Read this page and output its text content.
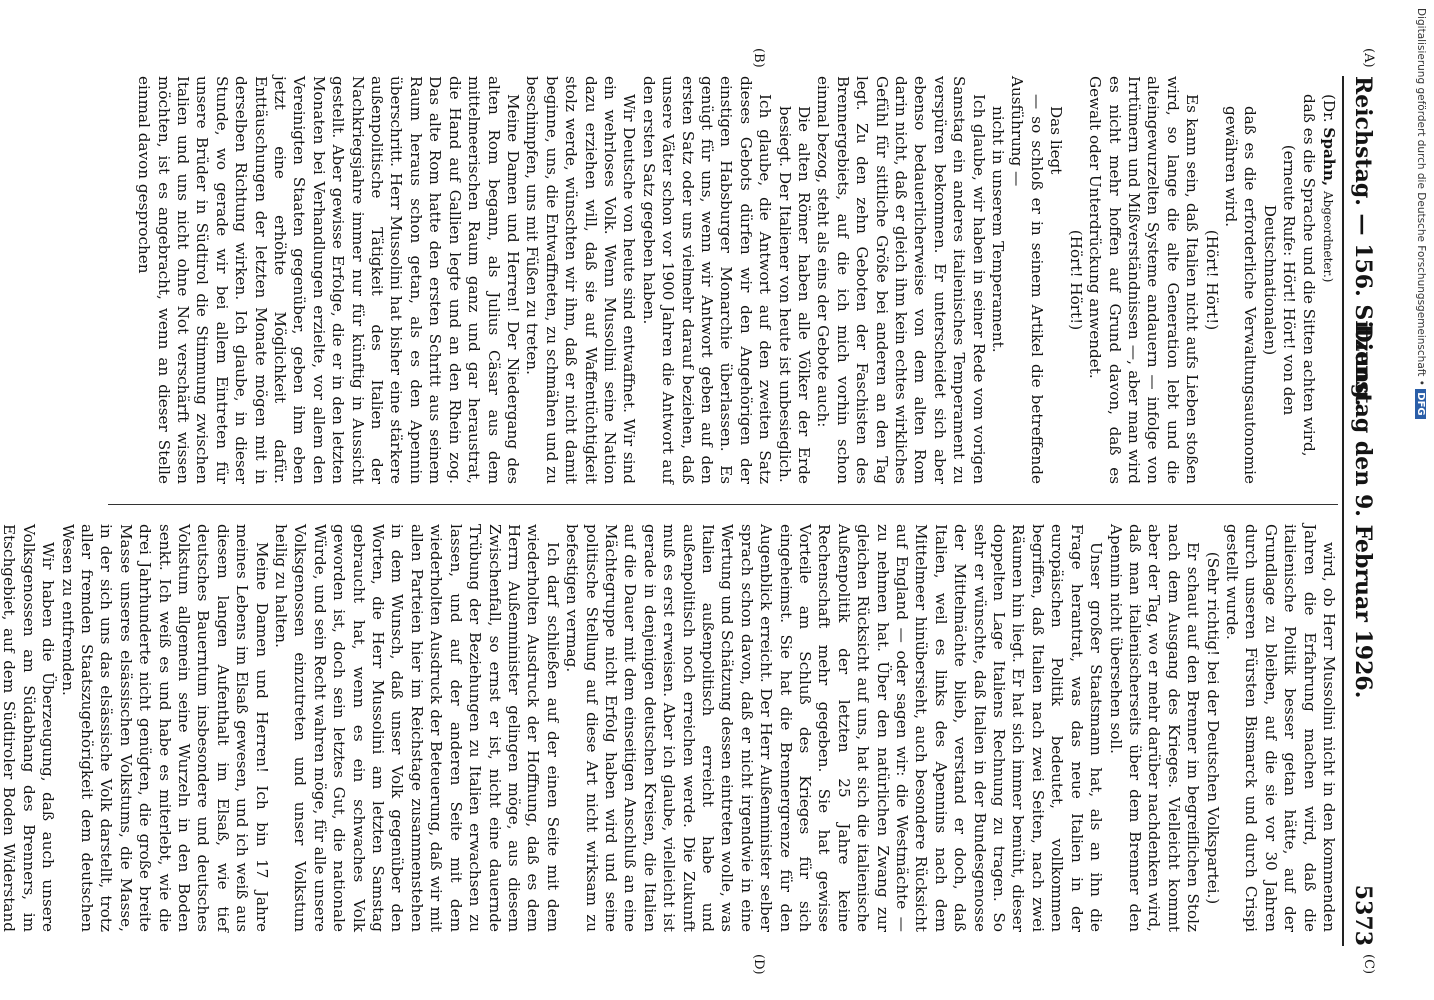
Reichstag. — 156. Sitzung.
Dienstag den 9. Februar 1926.
5373
(A)
(B)
(C)
(D)

(Dr. Spahn, Abgeordneter.)

daß es die Sprache und die Sitten achten wird,

(erneute Rufe: Hört! Hört! von den Deutschnationalen)

daß es die erforderliche Verwaltungsautonomie gewähren wird.

(Hört! Hört!)

Es kann sein, daß Italien nicht aufs Lieben stoßen wird, so lange die alte Generation lebt und die alteingewurzelten Systeme andauern — infolge von Irrtümern und Mißverständnissen —, aber man wird es nicht mehr hoffen auf Grund davon, daß es Gewalt oder Unterdrückung anwendet.

(Hört! Hört!)

Das liegt

— so schloß er in seinem Artikel die betreffende Ausführung —

nicht in unserem Temperament.

Ich glaube, wir haben in seiner Rede vom vorigen Samstag ein anderes italienisches Temperament zu verspüren bekommen. Er unterscheidet sich aber ebenso bedauerlicherweise von dem alten Rom darin nicht, daß er gleich ihm kein echtes wirkliches Gefühl für sittliche Größe bei anderen an den Tag legt. Zu den zehn Geboten der Faschisten des Brennergebiets, auf die ich mich vorhin schon einmal bezog, steht als eins der Gebote auch:

Die alten Römer haben alle Völker der Erde besiegt. Der Italiener von heute ist unbesieglich.

Ich glaube, die Antwort auf den zweiten Satz dieses Gebots dürfen wir den Angehörigen der einstigen Habsburger Monarchie überlassen. Es genügt für uns, wenn wir Antwort geben auf den ersten Satz oder uns vielmehr darauf beziehen, daß unsere Väter schon vor 1900 Jahren die Antwort auf den ersten Satz gegeben haben.

Wir Deutsche von heute sind entwaffnet. Wir sind ein wehrloses Volk. Wenn Mussolini seine Nation dazu erziehen will, daß sie auf Waffentüchtigkeit stolz werde, wünschten wir ihm, daß er nicht damit beginne, uns, die Entwaffneten, zu schmähen und zu beschimpfen, uns mit Füßen zu treten.

Meine Damen und Herren! Der Niedergang des alten Rom begann, als Julius Cäsar aus dem mittelmeerischen Raum ganz und gar heraustrat, die Hand auf Gallien legte und an den Rhein zog. Das alte Rom hatte den ersten Schritt aus seinem Raum heraus schon getan, als es den Apennin überschritt. Herr Mussolini hat bisher eine stärkere außenpolitische Tätigkeit des Italien der Nachkriegsjahre immer nur für künftig in Aussicht gestellt. Aber gewisse Erfolge, die er in den letzten Monaten bei Verhandlungen erzielte, vor allem den Vereinigten Staaten gegenüber, geben ihm eben jetzt eine erhöhte Möglichkeit dafür. Enttäuschungen der letzten Monate mögen mit in derselben Richtung wirken. Ich glaube, in dieser Stunde, wo gerade wir bei allem Eintreten für unsere Brüder in Südtirol die Stimmung zwischen Italien und uns nicht ohne Not verschärft wissen möchten, ist es angebracht, wenn an dieser Stelle einmal davon gesprochen

wird, ob Herr Mussolini nicht in den kommenden Jahren die Erfahrung machen wird, daß die italienische Politik besser getan hätte, auf der Grundlage zu bleiben, auf die sie vor 30 Jahren durch unseren Fürsten Bismarck und durch Crispi gestellt wurde.

(Sehr richtig! bei der Deutschen Volkspartei.)

Er schaut auf den Brenner im begreiflichen Stolz nach dem Ausgang des Krieges. Vielleicht kommt aber der Tag, wo er mehr darüber nachdenken wird, daß man italienischerseits über dem Brenner den Apennin nicht übersehen soll.

Unser großer Staatsmann hat, als an ihn die Frage herantrat, was das neue Italien in der europäischen Politik bedeutet, vollkommen begriffen, daß Italien nach zwei Seiten, nach zwei Räumen hin liegt. Er hat sich immer bemüht, dieser doppelten Lage Italiens Rechnung zu tragen. So sehr er wünschte, daß Italien in der Bundesgenosse der Mittelmächte blieb, verstand er doch, daß Italien, weil es links des Apennins nach dem Mittelmeer hinübersieht, auch besondere Rücksicht auf England — oder sagen wir: die Westmächte — zu nehmen hat. Über den natürlichen Zwang zur gleichen Rücksicht auf uns, hat sich die italienische Außenpolitik der letzten 25 Jahre keine Rechenschaft mehr gegeben. Sie hat gewisse Vorteile am Schluß des Krieges für sich eingeheimst. Sie hat die Brennergrenze für den Augenblick erreicht. Der Herr Außenminister selber sprach schon davon, daß er nicht irgendwie in eine Wertung und Schätzung dessen eintreten wolle, was Italien außenpolitisch erreicht habe und außenpolitisch noch erreichen werde. Die Zukunft muß es erst erweisen. Aber ich glaube, vielleicht ist gerade in denjenigen deutschen Kreisen, die Italien auf die Dauer mit dem einseitigen Anschluß an eine Mächtegruppe nicht Erfolg haben wird und seine politische Stellung auf diese Art nicht wirksam zu befestigen vermag.

Ich darf schließen auf der einen Seite mit dem wiederholten Ausdruck der Hoffnung, daß es dem Herrn Außenminister gelingen möge, aus diesem Zwischenfall, so ernst er ist, nicht eine dauernde Trübung der Beziehungen zu Italien erwachsen zu lassen, und auf der anderen Seite mit dem wiederholten Ausdruck der Beteuerung, daß wir mit allen Parteien hier im Reichstage zusammenstehen in dem Wunsch, daß unser Volk gegenüber den Worten, die Herr Mussolini am letzten Samstag gebraucht hat, wenn es ein schwaches Volk geworden ist, doch sein letztes Gut, die nationale Würde, und sein Recht wahren möge, für alle unsere Volksgenossen einzutreten und unser Volkstum heilig zu halten.

Meine Damen und Herren! Ich bin 17 Jahre meines Lebens im Elsaß gewesen, und ich weiß aus diesem langen Aufenthalt im Elsaß, wie tief deutsches Bauerntum insbesondere und deutsches Volkstum allgemein seine Wurzeln in den Boden senkt. Ich weiß es und habe es miterlebt, wie die drei Jahrhunderte nicht genügten, die große breite Masse unseres elsässischen Volkstums, die Masse, in der sich uns das elsässische Volk darstellt, trotz aller fremden Staatszugehörigkeit dem deutschen Wesen zu entfremden.

Wir haben die Überzeugung, daß auch unsere Volksgenossen am Südabhang des Brenners, im Etschgebiet, auf dem Südtiroler Boden Widerstand

Digitalisierung gefördert durch die Deutsche Forschungsgemeinschaft
•
DFG
